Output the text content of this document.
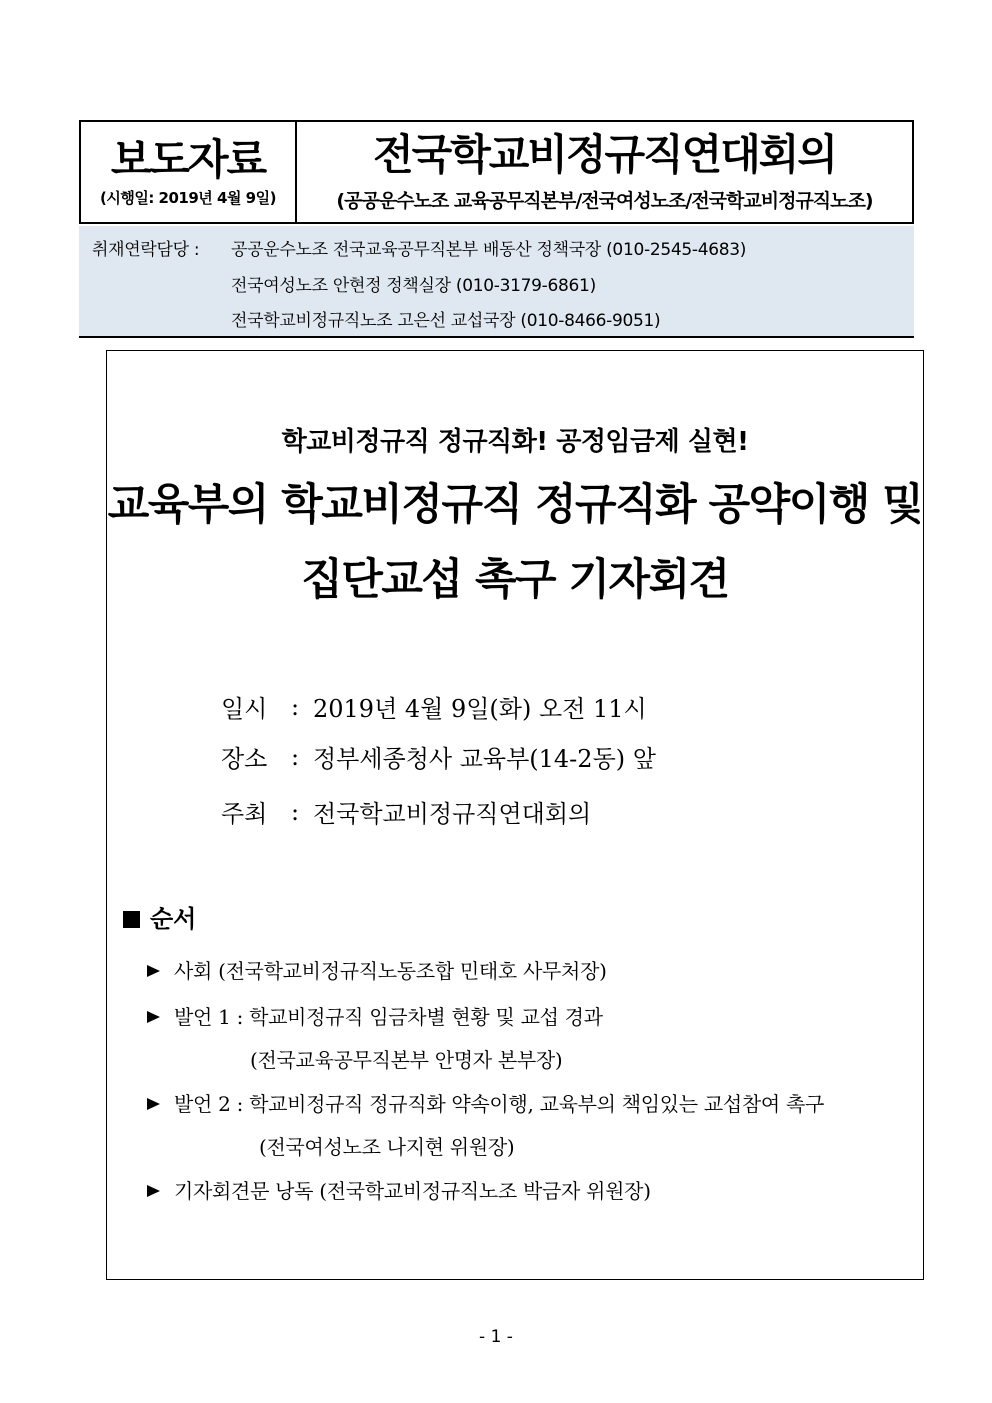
보도자료
(시행일: 2019년 4월 9일)
전국학교비정규직연대회의
(공공운수노조 교육공무직본부/전국여성노조/전국학교비정규직노조)
취재연락담당 : 공공운수노조 전국교육공무직본부 배동산 정책국장 (010-2545-4683)
전국여성노조 안현정 정책실장 (010-3179-6861)
전국학교비정규직노조 고은선 교섭국장 (010-8466-9051)
학교비정규직 정규직화! 공정임금제 실현!
교육부의 학교비정규직 정규직화 공약이행 및
집단교섭 촉구 기자회견
일시 : 2019년 4월 9일(화) 오전 11시
장소 : 정부세종청사 교육부(14-2동) 앞
주최 : 전국학교비정규직연대회의
순서
사회 (전국학교비정규직노동조합 민태호 사무처장)
발언 1 : 학교비정규직 임금차별 현황 및 교섭 경과
(전국교육공무직본부 안명자 본부장)
발언 2 : 학교비정규직 정규직화 약속이행, 교육부의 책임있는 교섭참여 촉구
(전국여성노조 나지현 위원장)
기자회견문 낭독 (전국학교비정규직노조 박금자 위원장)
- 1 -
